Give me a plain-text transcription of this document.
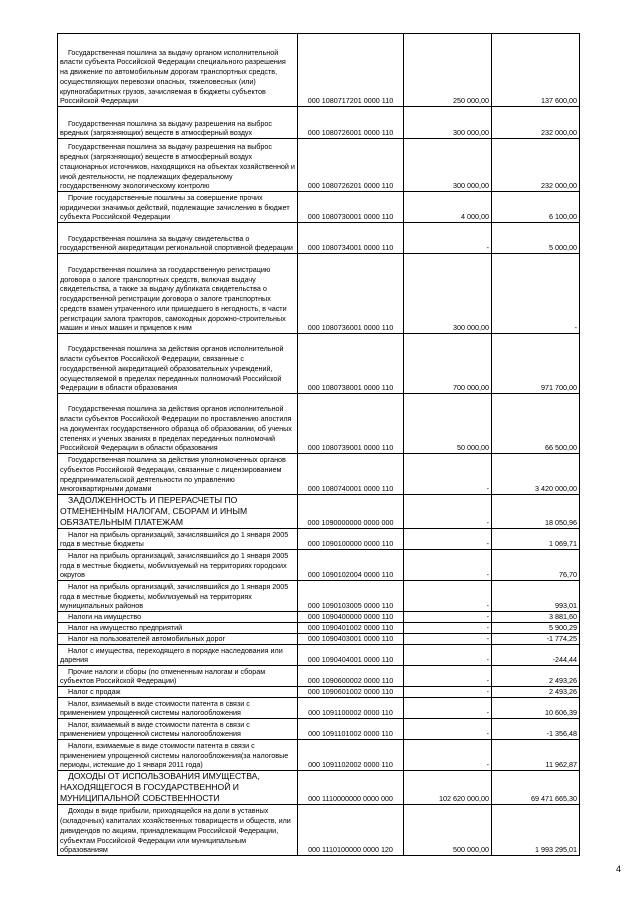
Государственная пошлина за выдачу органом исполнительной власти субъекта Российской Федерации специального разрешения на движение по автомобильным дорогам транспортных средств, осуществляющих перевозки опасных, тяжеловесных (или) крупногабаритных грузов, зачисляемая в бюджеты субъектов Российской Федерации	000 1080717201 0000 110	250 000,00	137 600,00
Государственная пошлина за выдачу разрешения на выброс вредных (загрязняющих) веществ в атмосферный воздух	000 1080726001 0000 110	300 000,00	232 000,00
Государственная пошлина за выдачу разрешения на выброс вредных (загрязняющих) веществ в атмосферный воздух стационарных источников, находящихся на объектах хозяйственной и иной деятельности, не подлежащих федеральному государственному экологическому контролю	000 1080726201 0000 110	300 000,00	232 000,00
Прочие государственные пошлины за совершение прочих юридически значимых действий, подлежащие зачислению в бюджет субъекта Российской Федерации	000 1080730001 0000 110	4 000,00	6 100,00
Государственная пошлина за выдачу свидетельства о государственной аккредитации региональной спортивной федерации	000 1080734001 0000 110	-	5 000,00
Государственная пошлина за государственную регистрацию договора о залоге транспортных средств, включая выдачу свидетельства, а также за выдачу дубликата свидетельства о государственной регистрации договора о залоге транспортных средств взамен утраченного или пришедшего в негодность, в части регистрации залога тракторов, самоходных дорожно-строительных машин и иных машин и прицепов к ним	000 1080736001 0000 110	300 000,00	-
Государственная пошлина за действия органов исполнительной власти субъектов Российской Федерации, связанные с государственной аккредитацией образовательных учреждений, осуществляемой в пределах переданных полномочий Российской Федерации в области образования	000 1080738001 0000 110	700 000,00	971 700,00
Государственная пошлина за действия органов исполнительной власти субъектов Российской Федерации по проставлению апостиля на документах государственного образца об образовании, об ученых степенях и ученых званиях в пределах переданных полномочий Российской Федерации в области образования	000 1080739001 0000 110	50 000,00	66 500,00
Государственная пошлина за действия уполномоченных органов субъектов Российской Федерации, связанные с лицензированием предпринимательской деятельности по управлению многоквартирными домами	000 1080740001 0000 110	-	3 420 000,00
ЗАДОЛЖЕННОСТЬ И ПЕРЕРАСЧЕТЫ ПО ОТМЕНЕННЫМ НАЛОГАМ, СБОРАМ И ИНЫМ ОБЯЗАТЕЛЬНЫМ ПЛАТЕЖАМ	000 1090000000 0000 000	-	18 050,96
Налог на прибыль организаций, зачислявшийся до 1 января 2005 года в местные бюджеты	000 1090100000 0000 110	-	1 069,71
Налог на прибыль организаций, зачислявшийся до 1 января 2005 года в местные бюджеты, мобилизуемый на территориях городских округов	000 1090102004 0000 110	-	76,70
Налог на прибыль организаций, зачислявшийся до 1 января 2005 года в местные бюджеты, мобилизуемый на территориях муниципальных районов	000 1090103005 0000 110	-	993,01
Налоги на имущество	000 1090400000 0000 110	-	3 881,60
Налог на имущество предприятий	000 1090401002 0000 110	-	5 900,29
Налог на пользователей автомобильных дорог	000 1090403001 0000 110	-	-1 774,25
Налог с имущества, переходящего в порядке наследования или дарения	000 1090404001 0000 110	-	-244,44
Прочие налоги и сборы (по отмененным налогам и сборам субъектов Российской Федерации)	000 1090600002 0000 110	-	2 493,26
Налог с продаж	000 1090601002 0000 110	-	2 493,26
Налог, взимаемый в виде стоимости патента в связи с применением упрощенной системы налогообложения	000 1091100002 0000 110	-	10 606,39
Налог, взимаемый в виде стоимости патента в связи с применением упрощенной системы налогообложения	000 1091101002 0000 110	-	-1 356,48
Налоги, взимаемые в виде стоимости патента в связи с применением упрощенной системы налогообложения(за налоговые периоды, истекшие до 1 января 2011 года)	000 1091102002 0000 110	-	11 962,87
ДОХОДЫ ОТ ИСПОЛЬЗОВАНИЯ ИМУЩЕСТВА, НАХОДЯЩЕГОСЯ В ГОСУДАРСТВЕННОЙ И МУНИЦИПАЛЬНОЙ СОБСТВЕННОСТИ	000 1110000000 0000 000	102 620 000,00	69 471 665,30
Доходы в виде прибыли, приходящейся на доли в уставных (складочных) капиталах хозяйственных товариществ и обществ, или дивидендов по акциям, принадлежащим Российской Федерации, субъектам Российской Федерации или муниципальным образованиям	000 1110100000 0000 120	500 000,00	1 993 295,01
4
